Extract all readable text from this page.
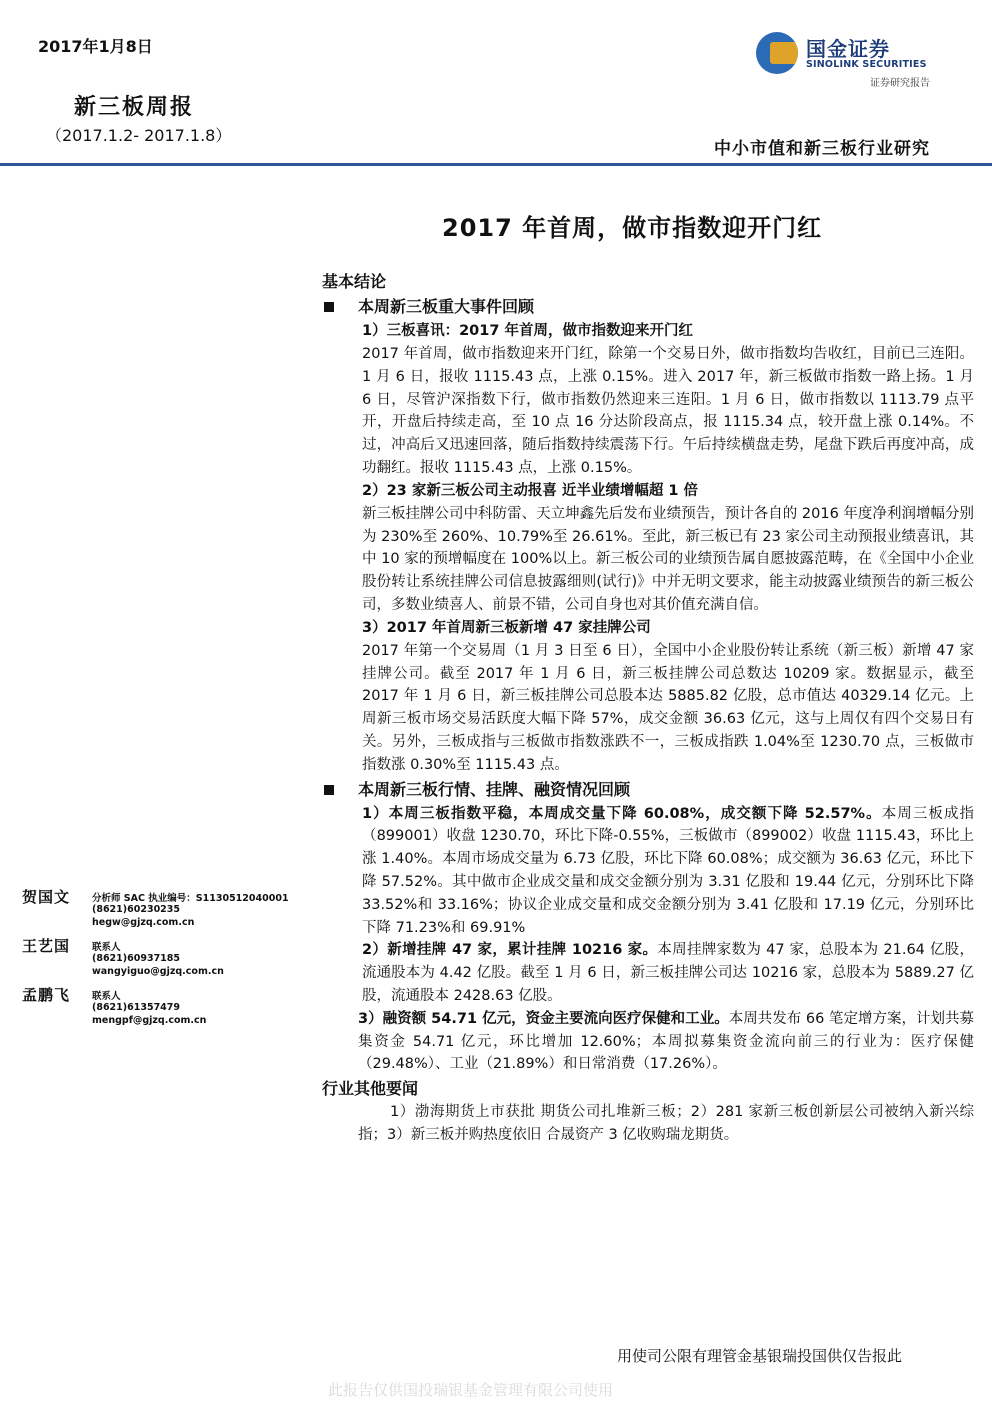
2017年1月8日
新三板周报
（2017.1.2- 2017.1.8）
国金证券
SINOLINK SECURITIES
证券研究报告
中小市值和新三板行业研究
2017 年首周，做市指数迎开门红
基本结论
本周新三板重大事件回顾
1）三板喜讯：2017 年首周，做市指数迎来开门红
2017 年首周，做市指数迎来开门红，除第一个交易日外，做市指数均告收红，目前已三连阳。1 月 6 日，报收 1115.43 点，上涨 0.15%。进入 2017 年，新三板做市指数一路上扬。1 月 6 日，尽管沪深指数下行，做市指数仍然迎来三连阳。1 月 6 日，做市指数以 1113.79 点平开，开盘后持续走高，至 10 点 16 分达阶段高点，报 1115.34 点，较开盘上涨 0.14%。不过，冲高后又迅速回落，随后指数持续震荡下行。午后持续横盘走势，尾盘下跌后再度冲高，成功翻红。报收 1115.43 点，上涨 0.15%。
2）23 家新三板公司主动报喜 近半业绩增幅超 1 倍
新三板挂牌公司中科防雷、天立坤鑫先后发布业绩预告，预计各自的 2016 年度净利润增幅分别为 230%至 260%、10.79%至 26.61%。至此，新三板已有 23 家公司主动预报业绩喜讯，其中 10 家的预增幅度在 100%以上。新三板公司的业绩预告属自愿披露范畴，在《全国中小企业股份转让系统挂牌公司信息披露细则(试行)》中并无明文要求，能主动披露业绩预告的新三板公司，多数业绩喜人、前景不错，公司自身也对其价值充满自信。
3）2017 年首周新三板新增 47 家挂牌公司
2017 年第一个交易周（1 月 3 日至 6 日），全国中小企业股份转让系统（新三板）新增 47 家挂牌公司。截至 2017 年 1 月 6 日，新三板挂牌公司总数达 10209 家。数据显示，截至 2017 年 1 月 6 日，新三板挂牌公司总股本达 5885.82 亿股，总市值达 40329.14 亿元。上周新三板市场交易活跃度大幅下降 57%，成交金额 36.63 亿元，这与上周仅有四个交易日有关。另外，三板成指与三板做市指数涨跌不一，三板成指跌 1.04%至 1230.70 点，三板做市指数涨 0.30%至 1115.43 点。
本周新三板行情、挂牌、融资情况回顾
1）本周三板指数平稳，本周成交量下降 60.08%，成交额下降 52.57%。本周三板成指（899001）收盘 1230.70，环比下降-0.55%，三板做市（899002）收盘 1115.43，环比上涨 1.40%。本周市场成交量为 6.73 亿股，环比下降 60.08%；成交额为 36.63 亿元，环比下降 57.52%。其中做市企业成交量和成交金额分别为 3.31 亿股和 19.44 亿元，分别环比下降 33.52%和 33.16%；协议企业成交量和成交金额分别为 3.41 亿股和 17.19 亿元，分别环比下降 71.23%和 69.91%
2）新增挂牌 47 家，累计挂牌 10216 家。本周挂牌家数为 47 家，总股本为 21.64 亿股，流通股本为 4.42 亿股。截至 1 月 6 日，新三板挂牌公司达 10216 家，总股本为 5889.27 亿股，流通股本 2428.63 亿股。
3）融资额 54.71 亿元，资金主要流向医疗保健和工业。本周共发布 66 笔定增方案，计划共募集资金 54.71 亿元，环比增加 12.60%；本周拟募集资金流向前三的行业为：医疗保健（29.48%）、工业（21.89%）和日常消费（17.26%）。
行业其他要闻
1）渤海期货上市获批 期货公司扎堆新三板；2）281 家新三板创新层公司被纳入新兴综指；3）新三板并购热度依旧 合晟资产 3 亿收购瑞龙期货。
贺国文 分析师 SAC 执业编号：S1130512040001
(8621)60230235
hegw@gjzq.com.cn
王艺国 联系人
(8621)60937185
wangyiguo@gjzq.com.cn
孟鹏飞 联系人
(8621)61357479
mengpf@gjzq.com.cn
用使司公限有理管金基银瑞投国供仅告报此
此报告仅供国投瑞银基金管理有限公司使用
